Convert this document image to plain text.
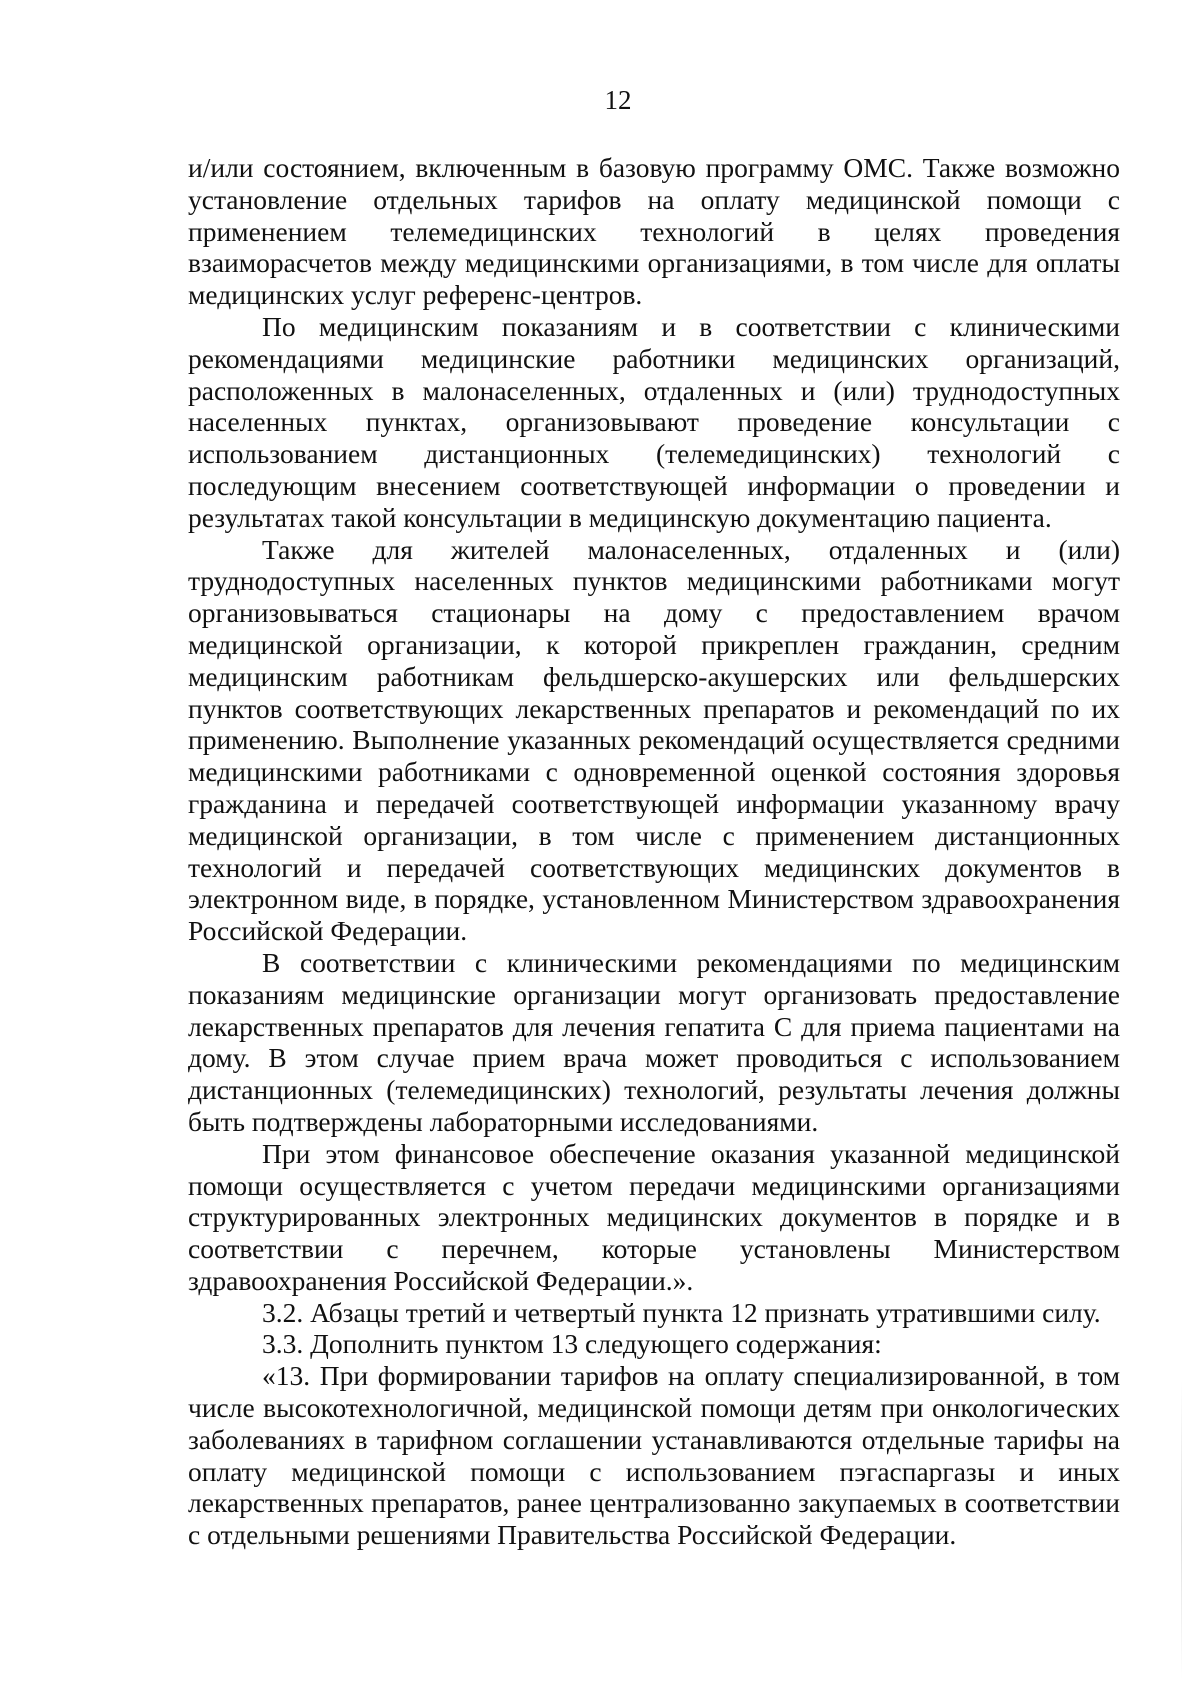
12

и/или состоянием, включенным в базовую программу ОМС. Также возможно установление отдельных тарифов на оплату медицинской помощи с применением телемедицинских технологий в целях проведения взаиморасчетов между медицинскими организациями, в том числе для оплаты медицинских услуг референс-центров.

По медицинским показаниям и в соответствии с клиническими рекомендациями медицинские работники медицинских организаций, расположенных в малонаселенных, отдаленных и (или) труднодоступных населенных пунктах, организовывают проведение консультации с использованием дистанционных (телемедицинских) технологий с последующим внесением соответствующей информации о проведении и результатах такой консультации в медицинскую документацию пациента.

Также для жителей малонаселенных, отдаленных и (или) труднодоступных населенных пунктов медицинскими работниками могут организовываться стационары на дому с предоставлением врачом медицинской организации, к которой прикреплен гражданин, средним медицинским работникам фельдшерско-акушерских или фельдшерских пунктов соответствующих лекарственных препаратов и рекомендаций по их применению. Выполнение указанных рекомендаций осуществляется средними медицинскими работниками с одновременной оценкой состояния здоровья гражданина и передачей соответствующей информации указанному врачу медицинской организации, в том числе с применением дистанционных технологий и передачей соответствующих медицинских документов в электронном виде, в порядке, установленном Министерством здравоохранения Российской Федерации.

В соответствии с клиническими рекомендациями по медицинским показаниям медицинские организации могут организовать предоставление лекарственных препаратов для лечения гепатита С для приема пациентами на дому. В этом случае прием врача может проводиться с использованием дистанционных (телемедицинских) технологий, результаты лечения должны быть подтверждены лабораторными исследованиями.

При этом финансовое обеспечение оказания указанной медицинской помощи осуществляется с учетом передачи медицинскими организациями структурированных электронных медицинских документов в порядке и в соответствии с перечнем, которые установлены Министерством здравоохранения Российской Федерации.».

3.2. Абзацы третий и четвертый пункта 12 признать утратившими силу.

3.3. Дополнить пунктом 13 следующего содержания:

«13. При формировании тарифов на оплату специализированной, в том числе высокотехнологичной, медицинской помощи детям при онкологических заболеваниях в тарифном соглашении устанавливаются отдельные тарифы на оплату медицинской помощи с использованием пэгаспаргазы и иных лекарственных препаратов, ранее централизованно закупаемых в соответствии с отдельными решениями Правительства Российской Федерации.
